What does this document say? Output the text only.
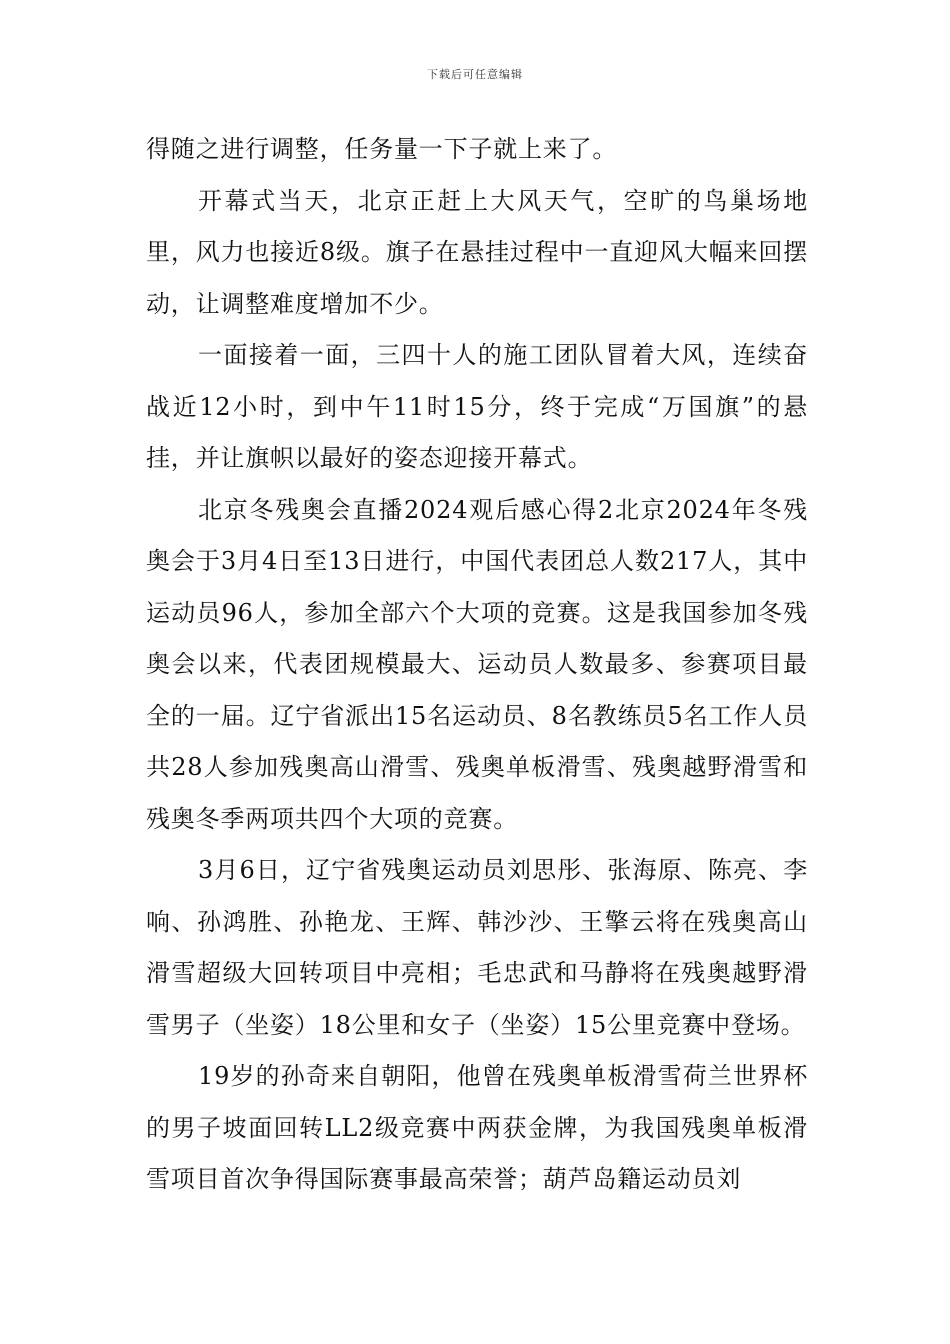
下载后可任意编辑

得随之进行调整，任务量一下子就上来了。

开幕式当天，北京正赶上大风天气，空旷的鸟巢场地里，风力也接近8级。旗子在悬挂过程中一直迎风大幅来回摆动，让调整难度增加不少。

一面接着一面，三四十人的施工团队冒着大风，连续奋战近12小时，到中午11时15分，终于完成“万国旗”的悬挂，并让旗帜以最好的姿态迎接开幕式。

北京冬残奥会直播2024观后感心得2北京2024年冬残奥会于3月4日至13日进行，中国代表团总人数217人，其中运动员96人，参加全部六个大项的竞赛。这是我国参加冬残奥会以来，代表团规模最大、运动员人数最多、参赛项目最全的一届。辽宁省派出15名运动员、8名教练员5名工作人员共28人参加残奥高山滑雪、残奥单板滑雪、残奥越野滑雪和残奥冬季两项共四个大项的竞赛。

3月6日，辽宁省残奥运动员刘思彤、张海原、陈亮、李响、孙鸿胜、孙艳龙、王辉、韩沙沙、王擎云将在残奥高山滑雪超级大回转项目中亮相；毛忠武和马静将在残奥越野滑雪男子（坐姿）18公里和女子（坐姿）15公里竞赛中登场。

19岁的孙奇来自朝阳，他曾在残奥单板滑雪荷兰世界杯的男子坡面回转LL2级竞赛中两获金牌，为我国残奥单板滑雪项目首次争得国际赛事最高荣誉；葫芦岛籍运动员刘
